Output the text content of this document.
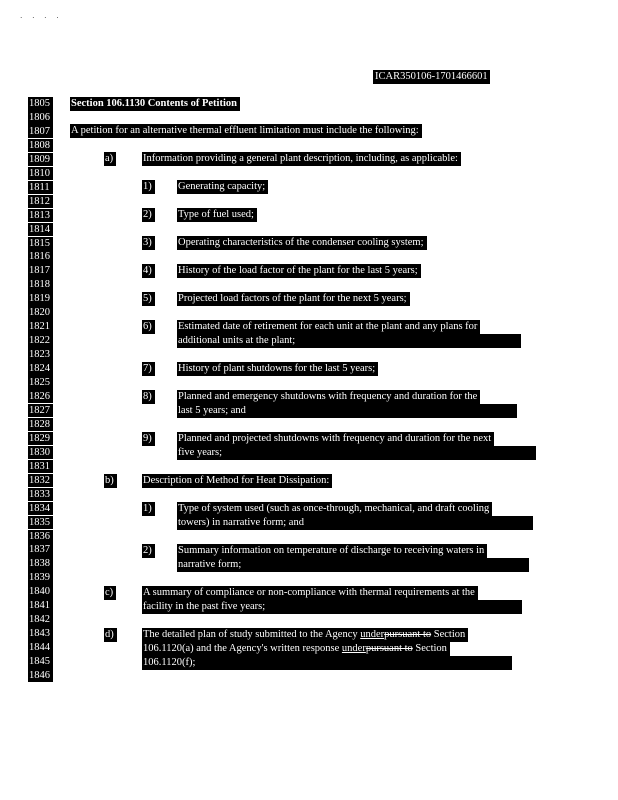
· · · ·
ICAR350106-1701466601
1805
1806
1807
1808
1809
1810
1811
1812
1813
1814
1815
1816
1817
1818
1819
1820
1821
1822
1823
1824
1825
1826
1827
1828
1829
1830
1831
1832
1833
1834
1835
1836
1837
1838
1839
1840
1841
1842
1843
1844
1845
1846
Section 106.1130 Contents of Petition
A petition for an alternative thermal effluent limitation must include the following:
a)	Information providing a general plant description, including, as applicable:
1)	Generating capacity;
2)	Type of fuel used;
3)	Operating characteristics of the condenser cooling system;
4)	History of the load factor of the plant for the last 5 years;
5)	Projected load factors of the plant for the next 5 years;
6)	Estimated date of retirement for each unit at the plant and any plans for
additional units at the plant;
7)	History of plant shutdowns for the last 5 years;
8)	Planned and emergency shutdowns with frequency and duration for the
last 5 years; and
9)	Planned and projected shutdowns with frequency and duration for the next
five years;
b)	Description of Method for Heat Dissipation:
1)	Type of system used (such as once-through, mechanical, and draft cooling
towers) in narrative form; and
2)	Summary information on temperature of discharge to receiving waters in
narrative form;
c)	A summary of compliance or non-compliance with thermal requirements at the
facility in the past five years;
d)	The detailed plan of study submitted to the Agency underpursuant to Section
106.1120(a) and the Agency's written response underpursuant to Section
106.1120(f);
